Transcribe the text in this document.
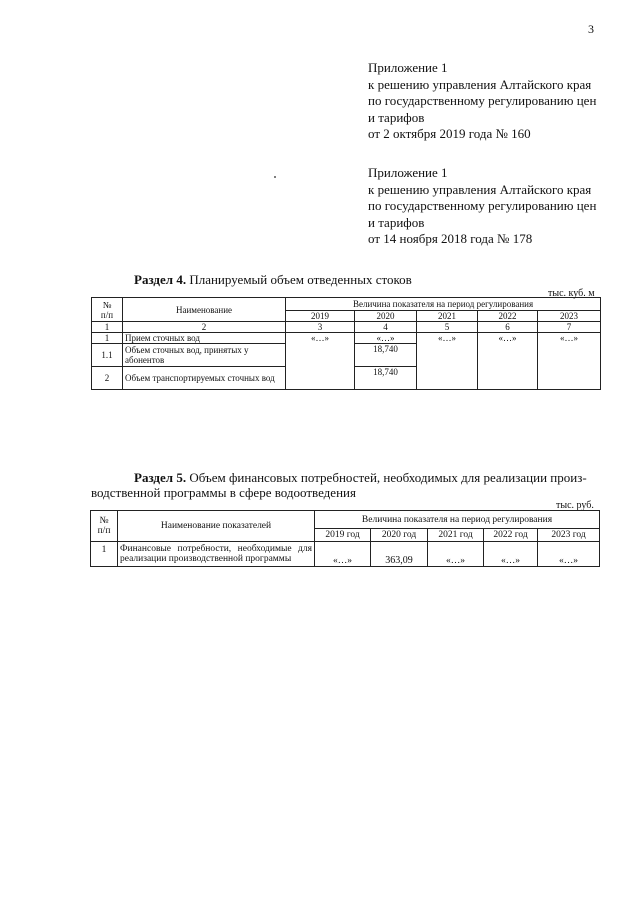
3
Приложение 1
к решению управления Алтайского края
по государственному регулированию цен
и тарифов
от 2 октября 2019 года № 160
Приложение 1
к решению управления Алтайского края
по государственному регулированию цен
и тарифов
от 14 ноября 2018 года № 178
Раздел 4. Планируемый объем отведенных стоков
тыс. куб. м
№
п/п	Наименование	Величина показателя на период регулирования				
		2019	2020	2021	2022	2023
1	2	3	4	5	6	7
1	Прием сточных вод	«…»	«…»	«…»	«…»	«…»
1.1	Объем сточных вод, принятых у абонентов		18,740			
2	Объем транспортируемых сточных вод		18,740			
Раздел 5. Объем финансовых потребностей, необходимых для реализации произ-
водственной программы в сфере водоотведения
тыс. руб.
№
п/п	Наименование показателей	Величина показателя на период регулирования				
		2019 год	2020 год	2021 год	2022 год	2023 год
1	Финансовые потребности, необходимые для
реализации производственной программы	«…»	363,09	«…»	«…»	«…»
